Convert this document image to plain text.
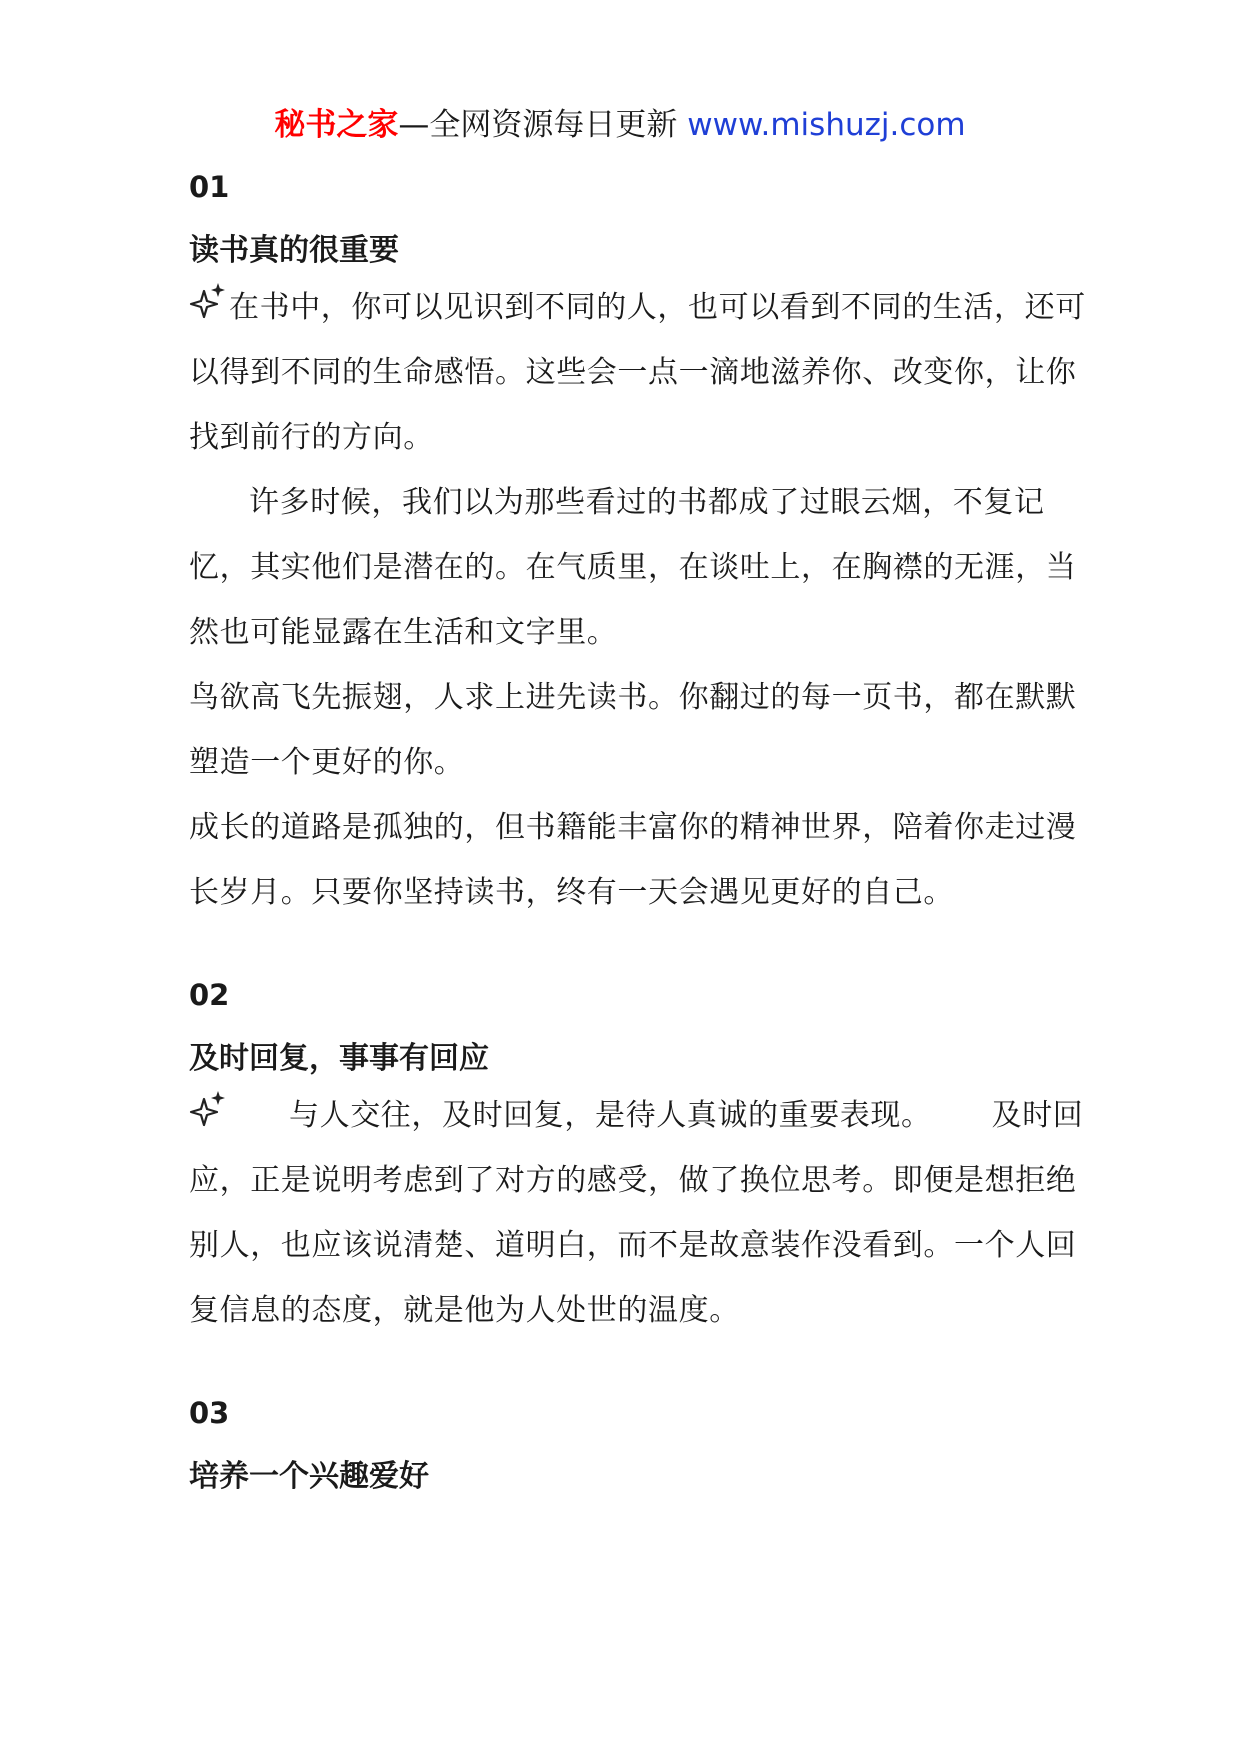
秘书之家—全网资源每日更新 www.mishuzj.com

01

读书真的很重要

在书中，你可以见识到不同的人，也可以看到不同的生活，还可以得到不同的生命感悟。这些会一点一滴地滋养你、改变你，让你找到前行的方向。

许多时候，我们以为那些看过的书都成了过眼云烟，不复记忆，其实他们是潜在的。在气质里，在谈吐上，在胸襟的无涯，当然也可能显露在生活和文字里。

鸟欲高飞先振翅，人求上进先读书。你翻过的每一页书，都在默默塑造一个更好的你。

成长的道路是孤独的，但书籍能丰富你的精神世界，陪着你走过漫长岁月。只要你坚持读书，终有一天会遇见更好的自己。

02

及时回复，事事有回应

与人交往，及时回复，是待人真诚的重要表现。 及时回应，正是说明考虑到了对方的感受，做了换位思考。即便是想拒绝别人，也应该说清楚、道明白，而不是故意装作没看到。一个人回复信息的态度，就是他为人处世的温度。

03

培养一个兴趣爱好
